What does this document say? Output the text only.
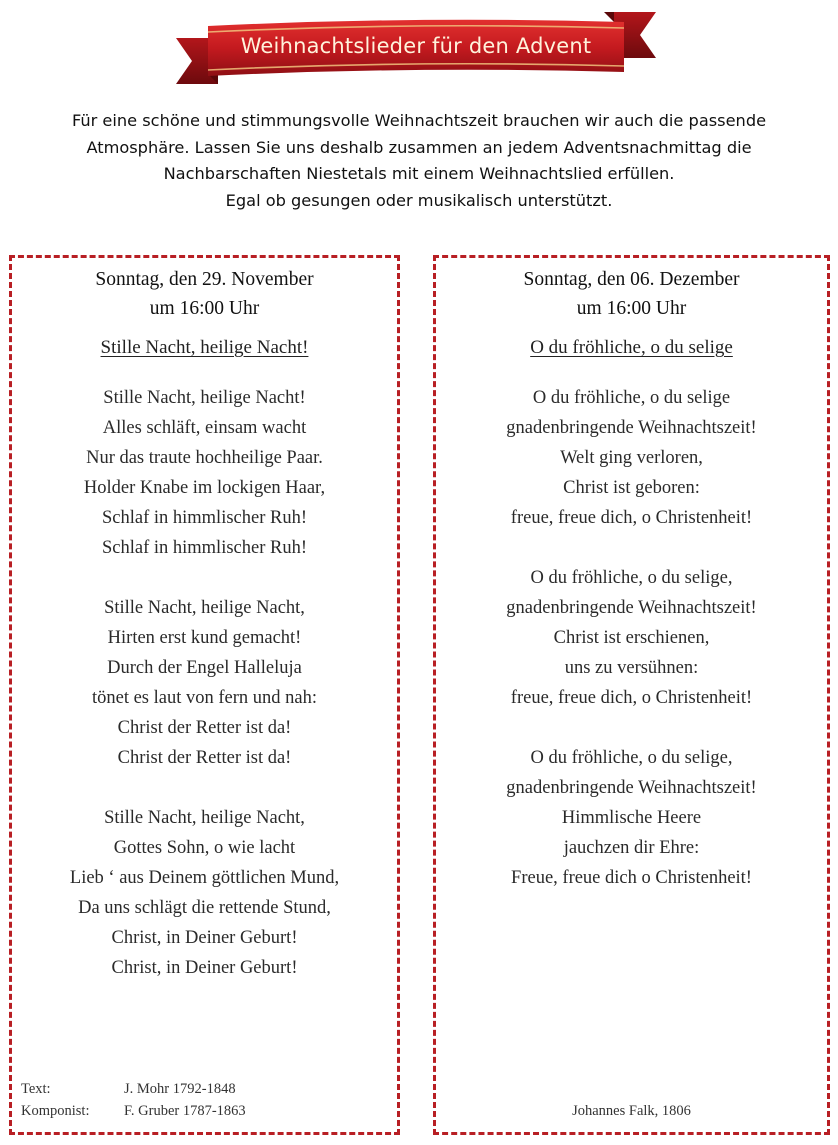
Weihnachtslieder für den Advent
Für eine schöne und stimmungsvolle Weihnachtszeit brauchen wir auch die passende
Atmosphäre. Lassen Sie uns deshalb zusammen an jedem Adventsnachmittag die
Nachbarschaften Niestetals mit einem Weihnachtslied erfüllen.
Egal ob gesungen oder musikalisch unterstützt.
Sonntag, den 29. November
um 16:00 Uhr
Stille Nacht, heilige Nacht!
Stille Nacht, heilige Nacht!
Alles schläft, einsam wacht
Nur das traute hochheilige Paar.
Holder Knabe im lockigen Haar,
Schlaf in himmlischer Ruh!
Schlaf in himmlischer Ruh!
Stille Nacht, heilige Nacht,
Hirten erst kund gemacht!
Durch der Engel Halleluja
tönet es laut von fern und nah:
Christ der Retter ist da!
Christ der Retter ist da!
Stille Nacht, heilige Nacht,
Gottes Sohn, o wie lacht
Lieb ‘ aus Deinem göttlichen Mund,
Da uns schlägt die rettende Stund,
Christ, in Deiner Geburt!
Christ, in Deiner Geburt!
Text:	J. Mohr 1792-1848
Komponist:	F. Gruber 1787-1863
Sonntag, den 06. Dezember
um 16:00 Uhr
O du fröhliche, o du selige
O du fröhliche, o du selige
gnadenbringende Weihnachtszeit!
Welt ging verloren,
Christ ist geboren:
freue, freue dich, o Christenheit!
O du fröhliche, o du selige,
gnadenbringende Weihnachtszeit!
Christ ist erschienen,
uns zu versühnen:
freue, freue dich, o Christenheit!
O du fröhliche, o du selige,
gnadenbringende Weihnachtszeit!
Himmlische Heere
jauchzen dir Ehre:
Freue, freue dich o Christenheit!
Johannes Falk, 1806
